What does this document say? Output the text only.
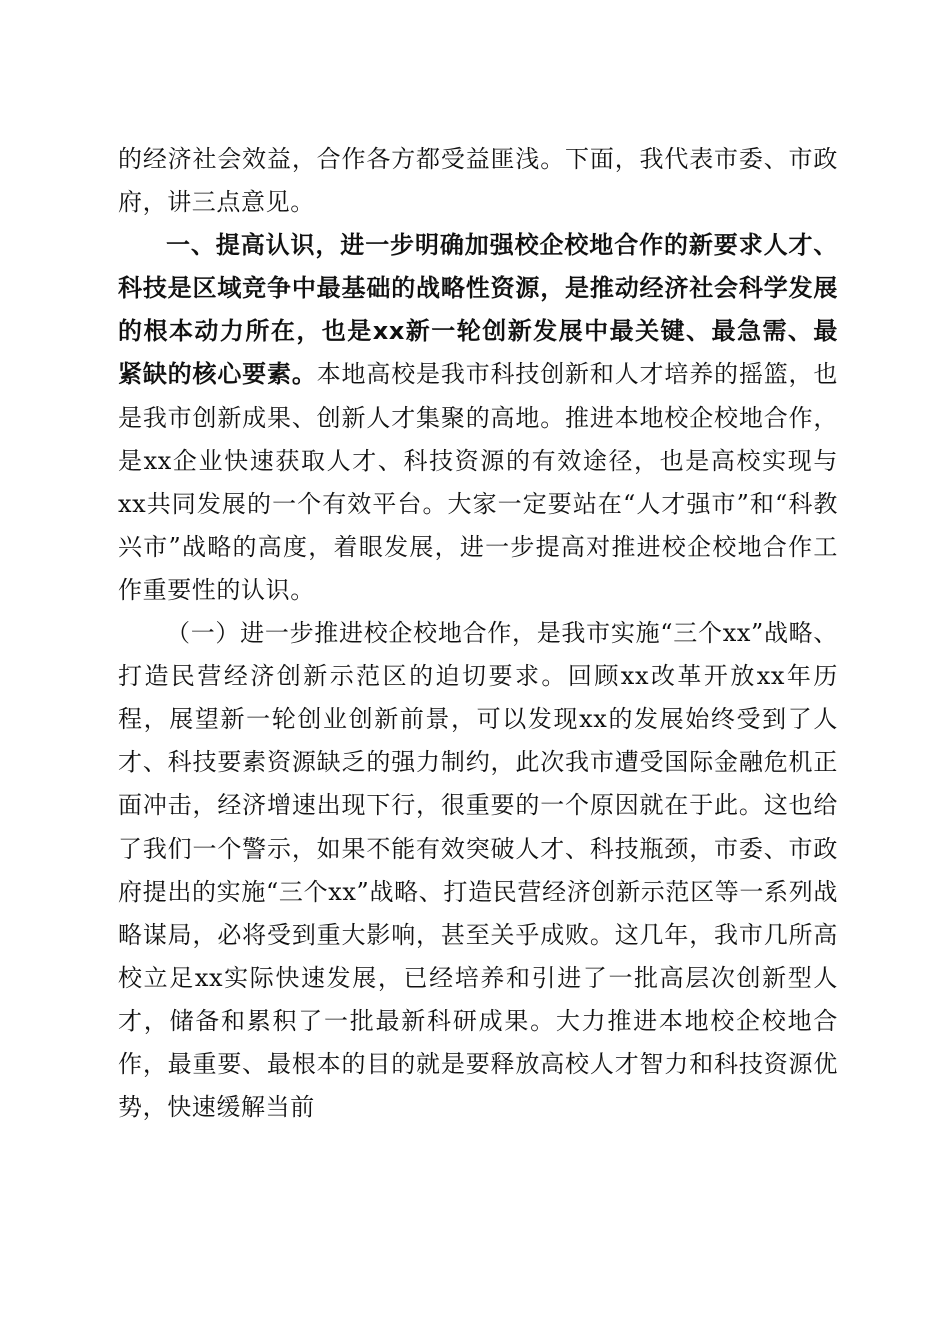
的经济社会效益，合作各方都受益匪浅。下面，我代表市委、市政府，讲三点意见。

一、提高认识，进一步明确加强校企校地合作的新要求人才、科技是区域竞争中最基础的战略性资源，是推动经济社会科学发展的根本动力所在，也是xx新一轮创新发展中最关键、最急需、最紧缺的核心要素。本地高校是我市科技创新和人才培养的摇篮，也是我市创新成果、创新人才集聚的高地。推进本地校企校地合作，是xx企业快速获取人才、科技资源的有效途径，也是高校实现与xx共同发展的一个有效平台。大家一定要站在“人才强市”和“科教兴市”战略的高度，着眼发展，进一步提高对推进校企校地合作工作重要性的认识。

（一）进一步推进校企校地合作，是我市实施“三个xx”战略、打造民营经济创新示范区的迫切要求。回顾xx改革开放xx年历程，展望新一轮创业创新前景，可以发现xx的发展始终受到了人才、科技要素资源缺乏的强力制约，此次我市遭受国际金融危机正面冲击，经济增速出现下行，很重要的一个原因就在于此。这也给了我们一个警示，如果不能有效突破人才、科技瓶颈，市委、市政府提出的实施“三个xx”战略、打造民营经济创新示范区等一系列战略谋局，必将受到重大影响，甚至关乎成败。这几年，我市几所高校立足xx实际快速发展，已经培养和引进了一批高层次创新型人才，储备和累积了一批最新科研成果。大力推进本地校企校地合作，最重要、最根本的目的就是要释放高校人才智力和科技资源优势，快速缓解当前
